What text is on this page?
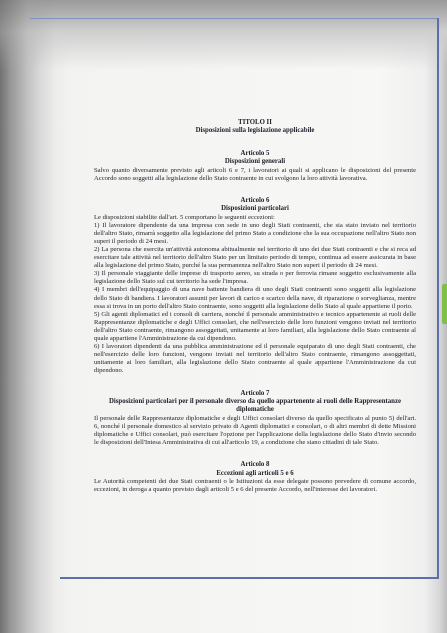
TITOLO II
Disposizioni sulla legislazione applicabile
Articolo 5
Disposizioni generali

Salvo quanto diversamente previsto agli articoli 6 e 7, i lavoratori ai quali si applicano le disposizioni del presente Accordo sono soggetti alla legislazione dello Stato contraente in cui svolgono la loro attività lavorativa.

Articolo 6
Disposizioni particolari

Le disposizioni stabilite dall'art. 5 comportano le seguenti eccezioni:

1) Il lavoratore dipendente da una impresa con sede in uno degli Stati contraenti, che sia stato inviato nel territorio dell'altro Stato, rimarrà soggetto alla legislazione del primo Stato a condizione che la sua occupazione nell'altro Stato non superi il periodo di 24 mesi.

2) La persona che esercita un'attività autonoma abitualmente nel territorio di uno dei due Stati contraenti e che si reca ad esercitare tale attività nel territorio dell'altro Stato per un limitato periodo di tempo, continua ad essere assicurata in base alla legislazione del primo Stato, purché la sua permanenza nell'altro Stato non superi il periodo di 24 mesi.

3) Il personale viaggiante delle imprese di trasporto aereo, su strada o per ferrovia rimane soggetto esclusivamente alla legislazione dello Stato sul cui territorio ha sede l'impresa.

4) I membri dell'equipaggio di una nave battente bandiera di uno degli Stati contraenti sono soggetti alla legislazione dello Stato di bandiera. I lavoratori assunti per lavori di carico e scarico della nave, di riparazione o sorveglianza, mentre essa si trova in un porto dell'altro Stato contraente, sono soggetti alla legislazione dello Stato al quale appartiene il porto.

5) Gli agenti diplomatici ed i consoli di carriera, nonché il personale amministrativo e tecnico appartenente ai ruoli delle Rappresentanze diplomatiche e degli Uffici consolari, che nell'esercizio delle loro funzioni vengono inviati nel territorio dell'altro Stato contraente, rimangono assoggettati, unitamente ai loro familiari, alla legislazione dello Stato contraente al quale appartiene l'Amministrazione da cui dipendono.

6) I lavoratori dipendenti da una pubblica amministrazione ed il personale equiparato di uno degli Stati contraenti, che nell'esercizio delle loro funzioni, vengono inviati nel territorio dell'altro Stato contraente, rimangono assoggettati, unitamente ai loro familiari, alla legislazione dello Stato contraente al quale appartiene l'Amministrazione da cui dipendono.

Articolo 7
Disposizioni particolari per il personale diverso da quello appartenente ai ruoli delle Rappresentanze diplomatiche

Il personale delle Rappresentanze diplomatiche e degli Uffici consolari diverso da quello specificato al punto 5) dell'art. 6, nonché il personale domestico al servizio privato di Agenti diplomatici e consolari, o di altri membri di dette Missioni diplomatiche e Uffici consolari, può esercitare l'opzione per l'applicazione della legislazione dello Stato d'invio secondo le disposizioni dell'Intesa Amministrativa di cui all'articolo 19, a condizione che siano cittadini di tale Stato.

Articolo 8
Eccezioni agli articoli 5 e 6

Le Autorità competenti dei due Stati contraenti o le Istituzioni da esse delegate possono prevedere di comune accordo, eccezioni, in deroga a quanto previsto dagli articoli 5 e 6 del presente Accordo, nell'interesse dei lavoratori.
